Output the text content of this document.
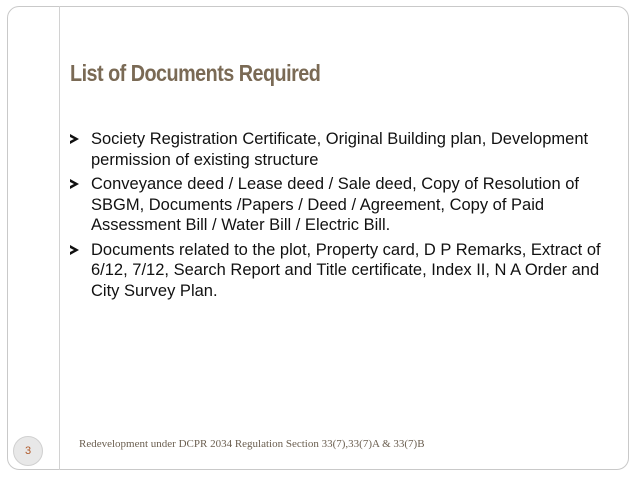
List of Documents Required
Society Registration Certificate, Original Building plan, Development permission of existing structure
Conveyance deed / Lease deed / Sale deed, Copy of Resolution of SBGM, Documents /Papers / Deed / Agreement, Copy of Paid Assessment Bill / Water Bill / Electric Bill.
Documents related to the plot, Property card, D P Remarks, Extract of 6/12, 7/12, Search Report and Title certificate, Index II, N A Order and City Survey Plan.
3
Redevelopment under DCPR 2034 Regulation Section 33(7),33(7)A & 33(7)B
